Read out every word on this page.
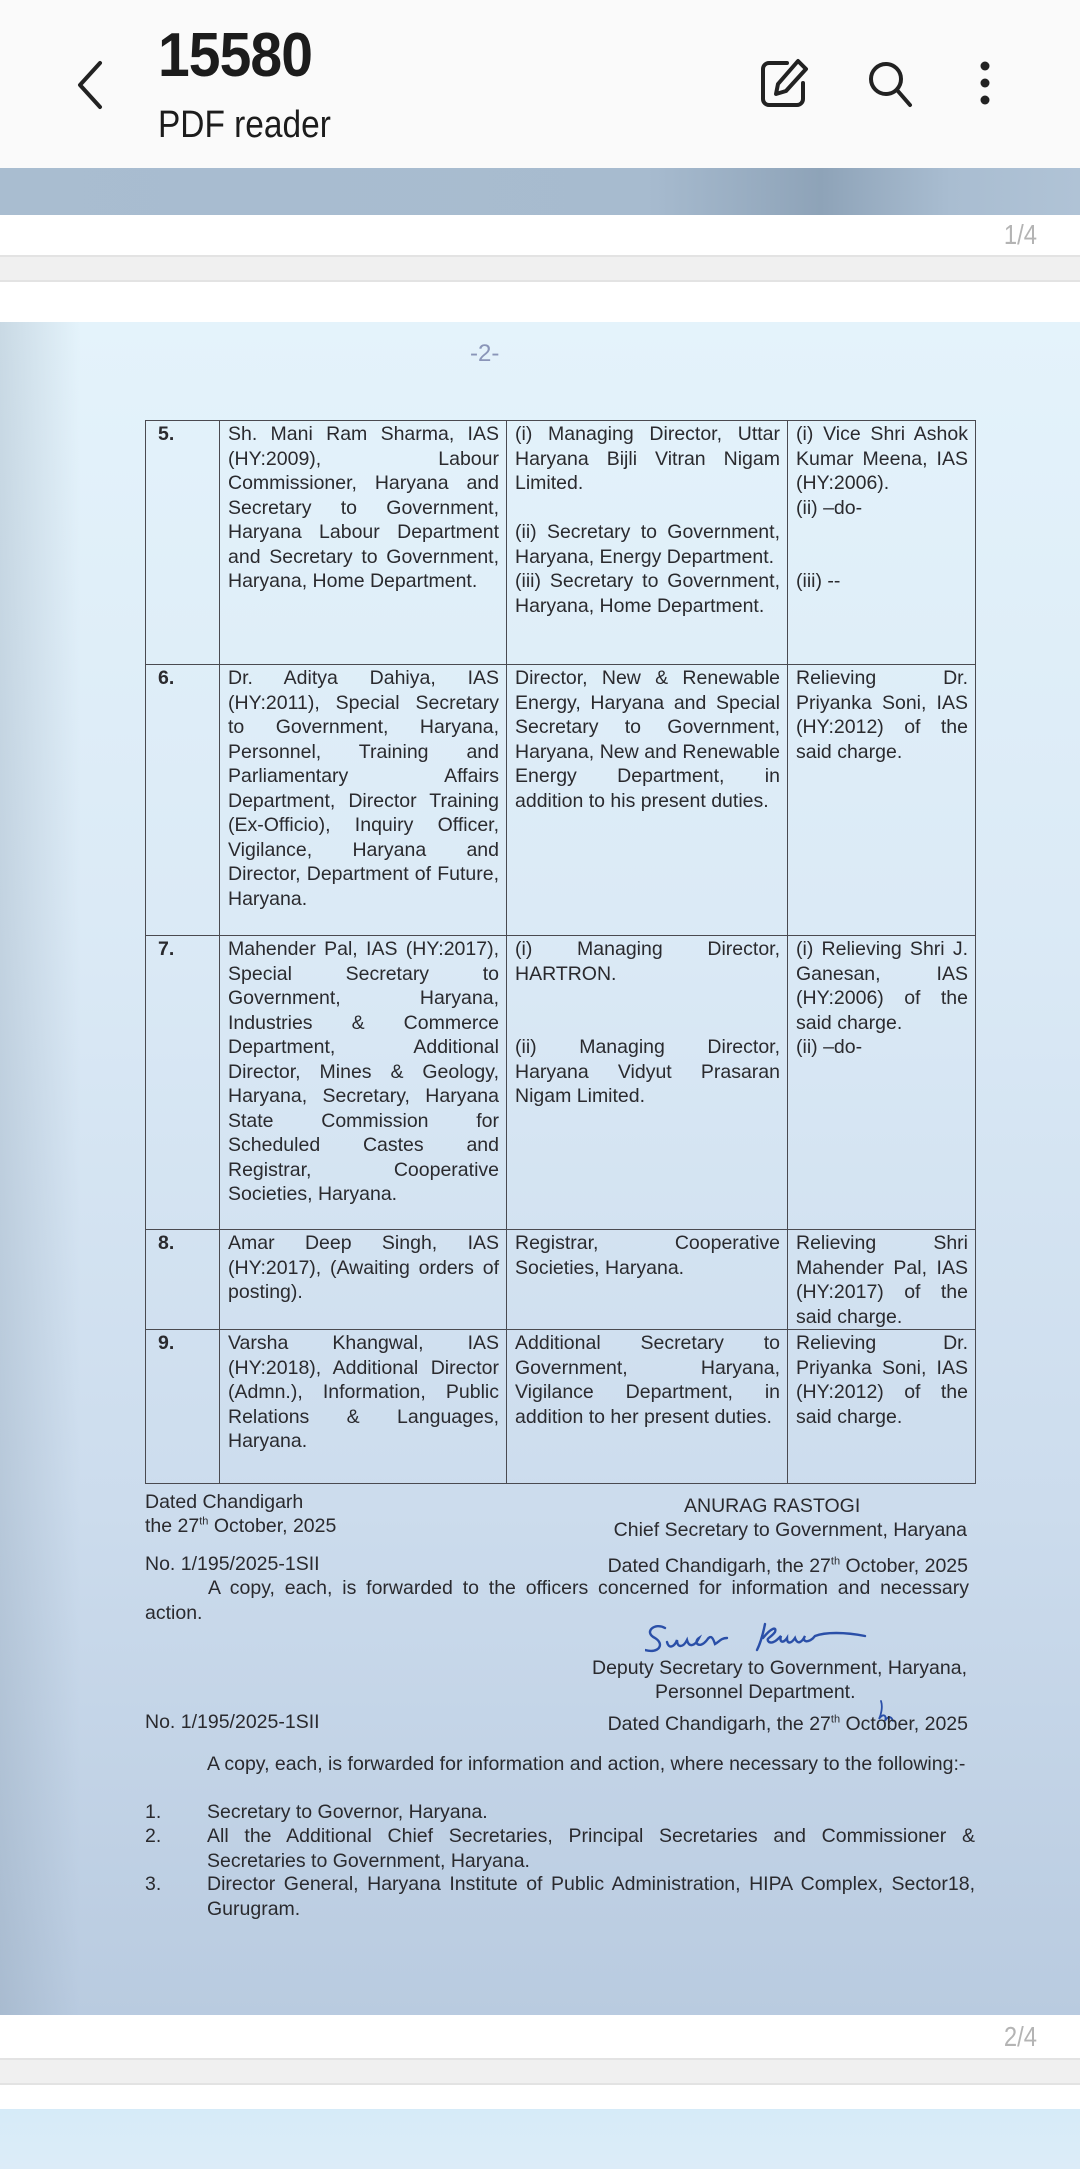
15580
PDF reader
1/4
-2-
5.	Sh. Mani Ram Sharma, IAS (HY:2009), Labour Commissioner, Haryana and Secretary to Government, Haryana Labour Department and Secretary to Government, Haryana, Home Department.	(i) Managing Director, Uttar Haryana Bijli Vitran Nigam Limited.
(ii) Secretary to Government, Haryana, Energy Department.
(iii) Secretary to Government, Haryana, Home Department.	(i) Vice Shri Ashok Kumar Meena, IAS (HY:2006).
(ii) –do-
(iii) --

6.	Dr. Aditya Dahiya, IAS (HY:2011), Special Secretary to Government, Haryana, Personnel, Training and Parliamentary Affairs Department, Director Training (Ex-Officio), Inquiry Officer, Vigilance, Haryana and Director, Department of Future, Haryana.	Director, New & Renewable Energy, Haryana and Special Secretary to Government, Haryana, New and Renewable Energy Department, in addition to his present duties.	Relieving Dr. Priyanka Soni, IAS (HY:2012) of the said charge.

7.	Mahender Pal, IAS (HY:2017), Special Secretary to Government, Haryana, Industries & Commerce Department, Additional Director, Mines & Geology, Haryana, Secretary, Haryana State Commission for Scheduled Castes and Registrar, Cooperative Societies, Haryana.	(i) Managing Director, HARTRON.
(ii) Managing Director, Haryana Vidyut Prasaran Nigam Limited.	(i) Relieving Shri J. Ganesan, IAS (HY:2006) of the said charge.
(ii) –do-

8.	Amar Deep Singh, IAS (HY:2017), (Awaiting orders of posting).	Registrar, Cooperative Societies, Haryana.	Relieving Shri Mahender Pal, IAS (HY:2017) of the said charge.

9.	Varsha Khangwal, IAS (HY:2018), Additional Director (Admn.), Information, Public Relations & Languages, Haryana.	Additional Secretary to Government, Haryana, Vigilance Department, in addition to her present duties.	Relieving Dr. Priyanka Soni, IAS (HY:2012) of the said charge.
Dated Chandigarh
the 27th October, 2025
ANURAG RASTOGI
Chief Secretary to Government, Haryana
No. 1/195/2025-1SII	Dated Chandigarh, the 27th October, 2025
A copy, each, is forwarded to the officers concerned for information and necessary action.
Deputy Secretary to Government, Haryana,
Personnel Department.
No. 1/195/2025-1SII	Dated Chandigarh, the 27th October, 2025
A copy, each, is forwarded for information and action, where necessary to the following:-
1. Secretary to Governor, Haryana.
2. All the Additional Chief Secretaries, Principal Secretaries and Commissioner & Secretaries to Government, Haryana.
3. Director General, Haryana Institute of Public Administration, HIPA Complex, Sector18, Gurugram.
2/4
